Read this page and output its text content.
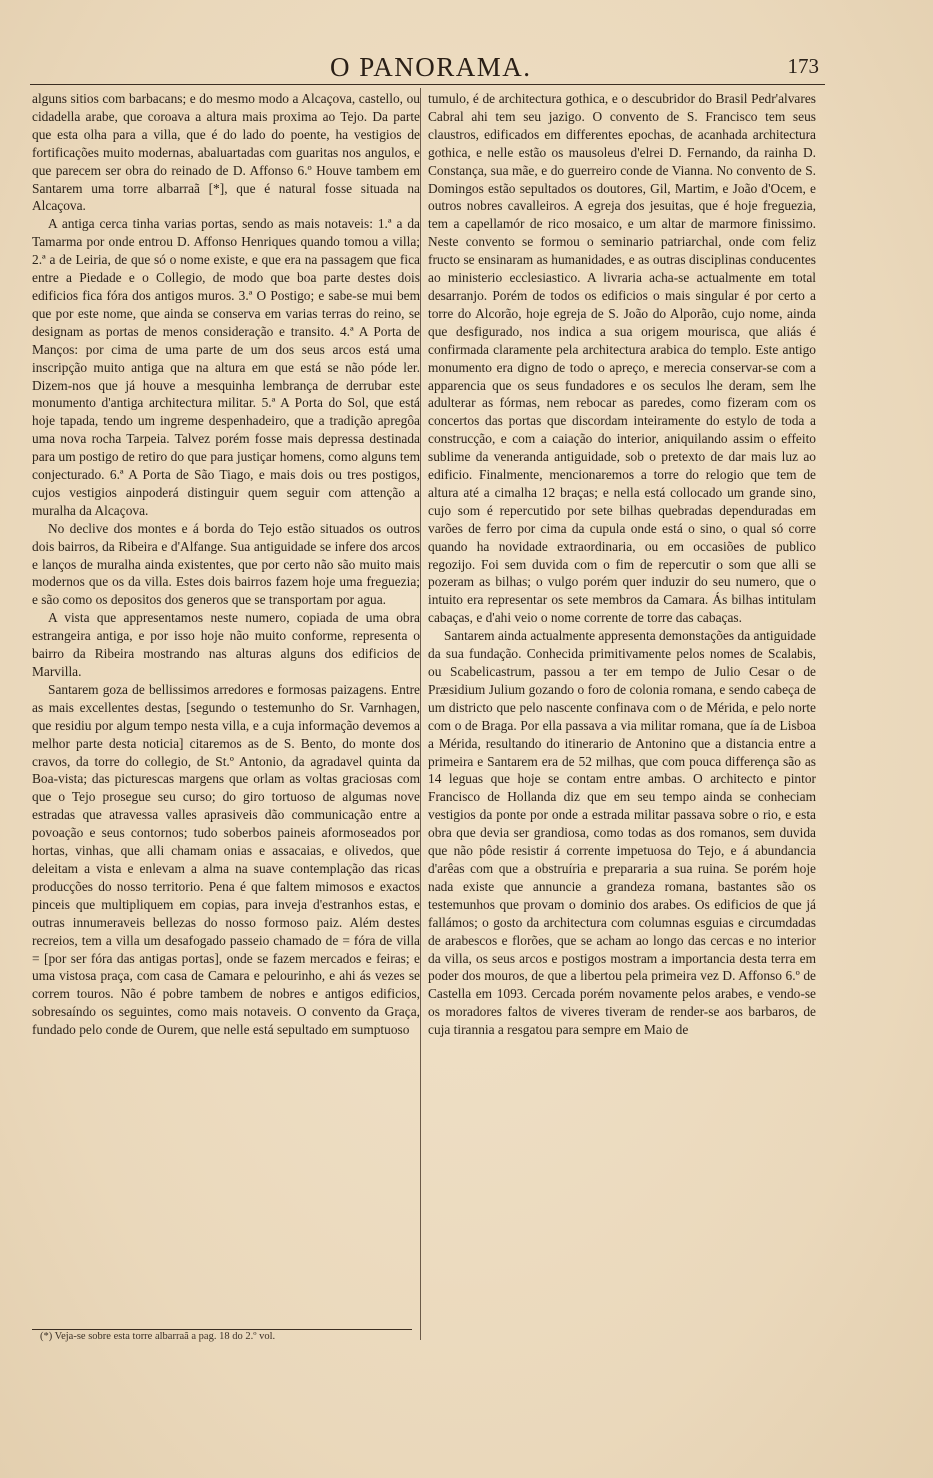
O PANORAMA.	173

alguns sitios com barbacans; e do mesmo modo a Alcaçova, castello, ou cidadella arabe, que coroava a altura mais proxima ao Tejo. Da parte que esta olha para a villa, que é do lado do poente, ha vestigios de fortificações muito modernas, abaluartadas com guaritas nos angulos, e que parecem ser obra do reinado de D. Affonso 6.º Houve tambem em Santarem uma torre albarraã [*], que é natural fosse situada na Alcaçova.

A antiga cerca tinha varias portas, sendo as mais notaveis: 1.ª a da Tamarma por onde entrou D. Affonso Henriques quando tomou a villa; 2.ª a de Leiria, de que só o nome existe, e que era na passagem que fica entre a Piedade e o Collegio, de modo que boa parte destes dois edificios fica fóra dos antigos muros. 3.ª O Postigo; e sabe-se mui bem que por este nome, que ainda se conserva em varias terras do reino, se designam as portas de menos consideração e transito. 4.ª A Porta de Manços: por cima de uma parte de um dos seus arcos está uma inscripção muito antiga que na altura em que está se não póde ler. Dizem-nos que já houve a mesquinha lembrança de derrubar este monumento d'antiga architectura militar. 5.ª A Porta do Sol, que está hoje tapada, tendo um ingreme despenhadeiro, que a tradição apregôa uma nova rocha Tarpeia. Talvez porém fosse mais depressa destinada para um postigo de retiro do que para justiçar homens, como alguns tem conjecturado. 6.ª A Porta de São Tiago, e mais dois ou tres postigos, cujos vestigios ainpoderá distinguir quem seguir com attenção a muralha da Alcaçova.

No declive dos montes e á borda do Tejo estão situados os outros dois bairros, da Ribeira e d'Alfange. Sua antiguidade se infere dos arcos e lanços de muralha ainda existentes, que por certo não são muito mais modernos que os da villa. Estes dois bairros fazem hoje uma freguezia; e são como os depositos dos generos que se transportam por agua.

A vista que appresentamos neste numero, copiada de uma obra estrangeira antiga, e por isso hoje não muito conforme, representa o bairro da Ribeira mostrando nas alturas alguns dos edificios de Marvilla.

Santarem goza de bellissimos arredores e formosas paizagens. Entre as mais excellentes destas, [segundo o testemunho do Sr. Varnhagen, que residiu por algum tempo nesta villa, e a cuja informação devemos a melhor parte desta noticia] citaremos as de S. Bento, do monte dos cravos, da torre do collegio, de St.º Antonio, da agradavel quinta da Boa-vista; das picturescas margens que orlam as voltas graciosas com que o Tejo prosegue seu curso; do giro tortuoso de algumas nove estradas que atravessa valles aprasiveis dão communicação entre a povoação e seus contornos; tudo soberbos paineis aformoseados por hortas, vinhas, que alli chamam onias e assacaias, e olivedos, que deleitam a vista e enlevam a alma na suave contemplação das ricas producções do nosso territorio. Pena é que faltem mimosos e exactos pinceis que multipliquem em copias, para inveja d'estranhos estas, e outras innumeraveis bellezas do nosso formoso paiz. Além destes recreios, tem a villa um desafogado passeio chamado de = fóra de villa = [por ser fóra das antigas portas], onde se fazem mercados e feiras; e uma vistosa praça, com casa de Camara e pelourinho, e ahi ás vezes se correm touros. Não é pobre tambem de nobres e antigos edificios, sobresaíndo os seguintes, como mais notaveis. O convento da Graça, fundado pelo conde de Ourem, que nelle está sepultado em sumptuoso

tumulo, é de architectura gothica, e o descubridor do Brasil Pedr'alvares Cabral ahi tem seu jazigo. O convento de S. Francisco tem seus claustros, edificados em differentes epochas, de acanhada architectura gothica, e nelle estão os mausoleus d'elrei D. Fernando, da rainha D. Constança, sua mãe, e do guerreiro conde de Vianna. No convento de S. Domingos estão sepultados os doutores, Gil, Martim, e João d'Ocem, e outros nobres cavalleiros. A egreja dos jesuitas, que é hoje freguezia, tem a capellamór de rico mosaico, e um altar de marmore finissimo. Neste convento se formou o seminario patriarchal, onde com feliz fructo se ensinaram as humanidades, e as outras disciplinas conducentes ao ministerio ecclesiastico. A livraria acha-se actualmente em total desarranjo. Porém de todos os edificios o mais singular é por certo a torre do Alcorão, hoje egreja de S. João do Alporão, cujo nome, ainda que desfigurado, nos indica a sua origem mourisca, que aliás é confirmada claramente pela architectura arabica do templo. Este antigo monumento era digno de todo o apreço, e merecia conservar-se com a apparencia que os seus fundadores e os seculos lhe deram, sem lhe adulterar as fórmas, nem rebocar as paredes, como fizeram com os concertos das portas que discordam inteiramente do estylo de toda a construcção, e com a caiação do interior, aniquilando assim o effeito sublime da veneranda antiguidade, sob o pretexto de dar mais luz ao edificio. Finalmente, mencionaremos a torre do relogio que tem de altura até a cimalha 12 braças; e nella está collocado um grande sino, cujo som é repercutido por sete bilhas quebradas dependuradas em varões de ferro por cima da cupula onde está o sino, o qual só corre quando ha novidade extraordinaria, ou em occasiões de publico regozijo. Foi sem duvida com o fim de repercutir o som que alli se pozeram as bilhas; o vulgo porém quer induzir do seu numero, que o intuito era representar os sete membros da Camara. Ás bilhas intitulam cabaças, e d'ahi veio o nome corrente de torre das cabaças.

Santarem ainda actualmente appresenta demonstações da antiguidade da sua fundação. Conhecida primitivamente pelos nomes de Scalabis, ou Scabelicastrum, passou a ter em tempo de Julio Cesar o de Præsidium Julium gozando o foro de colonia romana, e sendo cabeça de um districto que pelo nascente confinava com o de Mérida, e pelo norte com o de Braga. Por ella passava a via militar romana, que ía de Lisboa a Mérida, resultando do itinerario de Antonino que a distancia entre a primeira e Santarem era de 52 milhas, que com pouca differença são as 14 leguas que hoje se contam entre ambas. O architecto e pintor Francisco de Hollanda diz que em seu tempo ainda se conheciam vestigios da ponte por onde a estrada militar passava sobre o rio, e esta obra que devia ser grandiosa, como todas as dos romanos, sem duvida que não pôde resistir á corrente impetuosa do Tejo, e á abundancia d'arêas com que a obstruíria e prepararia a sua ruina. Se porém hoje nada existe que annuncie a grandeza romana, bastantes são os testemunhos que provam o dominio dos arabes. Os edificios de que já fallámos; o gosto da architectura com columnas esguias e circumdadas de arabescos e florões, que se acham ao longo das cercas e no interior da villa, os seus arcos e postigos mostram a importancia desta terra em poder dos mouros, de que a libertou pela primeira vez D. Affonso 6.º de Castella em 1093. Cercada porém novamente pelos arabes, e vendo-se os moradores faltos de viveres tiveram de render-se aos barbaros, de cuja tirannia a resgatou para sempre em Maio de

(*) Veja-se sobre esta torre albarraã a pag. 18 do 2.º vol.
